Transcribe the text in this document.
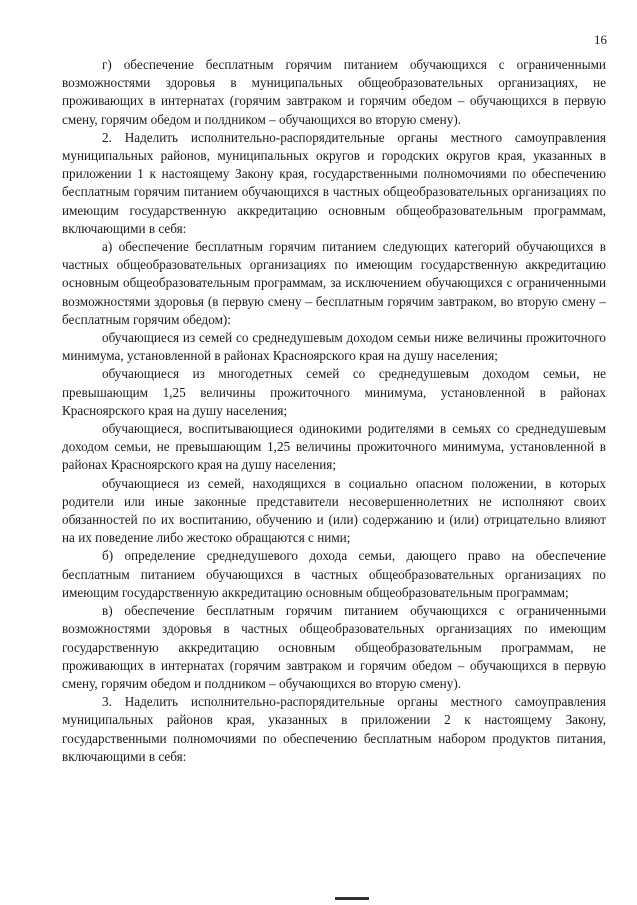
16

г) обеспечение бесплатным горячим питанием обучающихся с ограниченными возможностями здоровья в муниципальных общеобразовательных организациях, не проживающих в интернатах (горячим завтраком и горячим обедом – обучающихся в первую смену, горячим обедом и полдником – обучающихся во вторую смену).

2. Наделить исполнительно-распорядительные органы местного самоуправления муниципальных районов, муниципальных округов и городских округов края, указанных в приложении 1 к настоящему Закону края, государственными полномочиями по обеспечению бесплатным горячим питанием обучающихся в частных общеобразовательных организациях по имеющим государственную аккредитацию основным общеобразовательным программам, включающими в себя:

а) обеспечение бесплатным горячим питанием следующих категорий обучающихся в частных общеобразовательных организациях по имеющим государственную аккредитацию основным общеобразовательным программам, за исключением обучающихся с ограниченными возможностями здоровья (в первую смену – бесплатным горячим завтраком, во вторую смену – бесплатным горячим обедом):

обучающиеся из семей со среднедушевым доходом семьи ниже величины прожиточного минимума, установленной в районах Красноярского края на душу населения;

обучающиеся из многодетных семей со среднедушевым доходом семьи, не превышающим 1,25 величины прожиточного минимума, установленной в районах Красноярского края на душу населения;

обучающиеся, воспитывающиеся одинокими родителями в семьях со среднедушевым доходом семьи, не превышающим 1,25 величины прожиточного минимума, установленной в районах Красноярского края на душу населения;

обучающиеся из семей, находящихся в социально опасном положении, в которых родители или иные законные представители несовершеннолетних не исполняют своих обязанностей по их воспитанию, обучению и (или) содержанию и (или) отрицательно влияют на их поведение либо жестоко обращаются с ними;

б) определение среднедушевого дохода семьи, дающего право на обеспечение бесплатным питанием обучающихся в частных общеобразовательных организациях по имеющим государственную аккредитацию основным общеобразовательным программам;

в) обеспечение бесплатным горячим питанием обучающихся с ограниченными возможностями здоровья в частных общеобразовательных организациях по имеющим государственную аккредитацию основным общеобразовательным программам, не проживающих в интернатах (горячим завтраком и горячим обедом – обучающихся в первую смену, горячим обедом и полдником – обучающихся во вторую смену).

3. Наделить исполнительно-распорядительные органы местного самоуправления муниципальных районов края, указанных в приложении 2 к настоящему Закону, государственными полномочиями по обеспечению бесплатным набором продуктов питания, включающими в себя:
